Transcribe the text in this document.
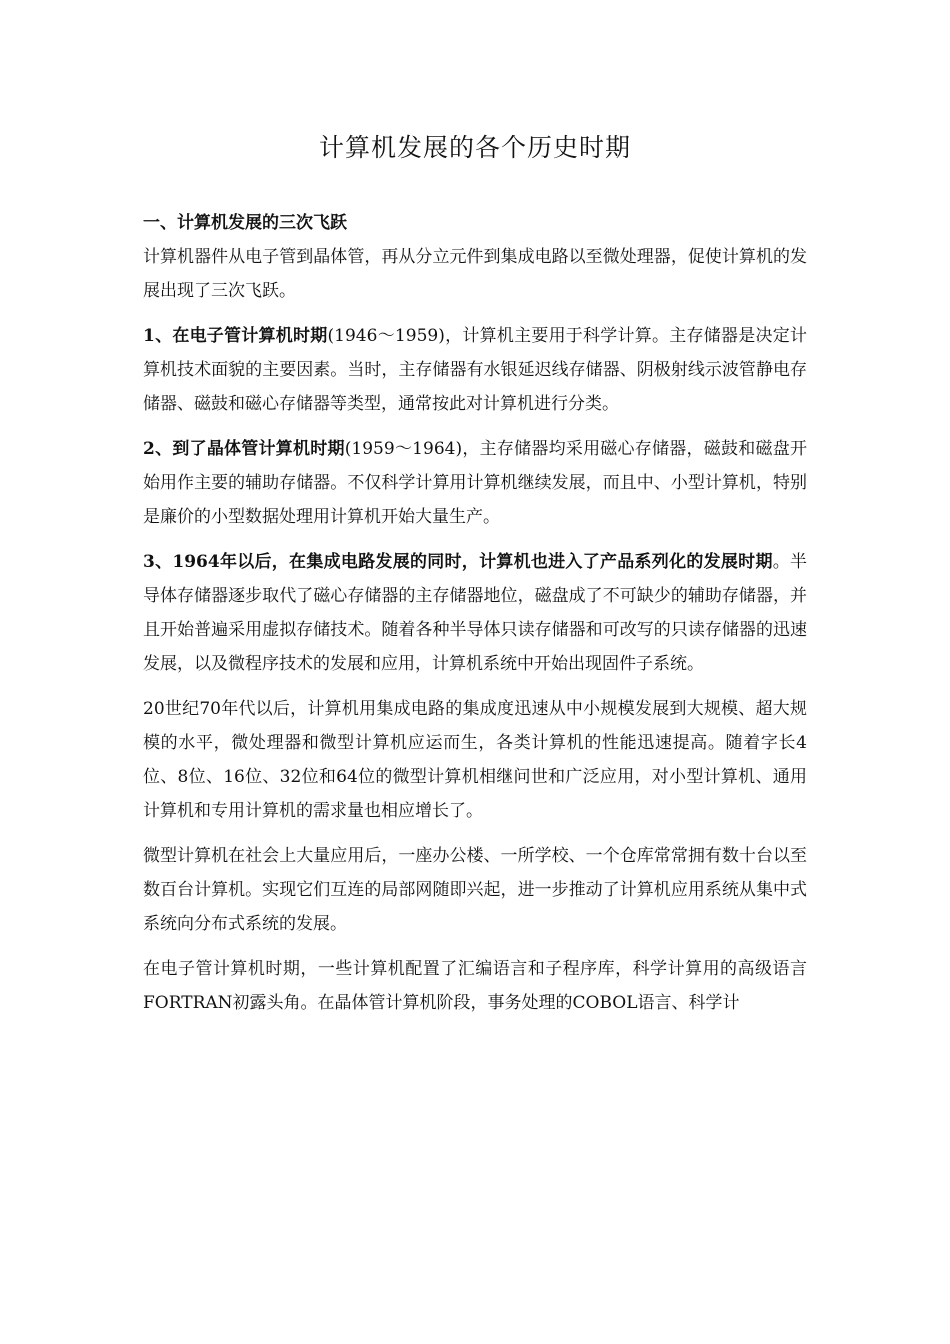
计算机发展的各个历史时期

一、计算机发展的三次飞跃

计算机器件从电子管到晶体管，再从分立元件到集成电路以至微处理器，促使计算机的发展出现了三次飞跃。

1、在电子管计算机时期(1946～1959)，计算机主要用于科学计算。主存储器是决定计算机技术面貌的主要因素。当时，主存储器有水银延迟线存储器、阴极射线示波管静电存储器、磁鼓和磁心存储器等类型，通常按此对计算机进行分类。

2、到了晶体管计算机时期(1959～1964)，主存储器均采用磁心存储器，磁鼓和磁盘开始用作主要的辅助存储器。不仅科学计算用计算机继续发展，而且中、小型计算机，特别是廉价的小型数据处理用计算机开始大量生产。

3、1964年以后，在集成电路发展的同时，计算机也进入了产品系列化的发展时期。半导体存储器逐步取代了磁心存储器的主存储器地位，磁盘成了不可缺少的辅助存储器，并且开始普遍采用虚拟存储技术。随着各种半导体只读存储器和可改写的只读存储器的迅速发展，以及微程序技术的发展和应用，计算机系统中开始出现固件子系统。

20世纪70年代以后，计算机用集成电路的集成度迅速从中小规模发展到大规模、超大规模的水平，微处理器和微型计算机应运而生，各类计算机的性能迅速提高。随着字长4位、8位、16位、32位和64位的微型计算机相继问世和广泛应用，对小型计算机、通用计算机和专用计算机的需求量也相应增长了。

微型计算机在社会上大量应用后，一座办公楼、一所学校、一个仓库常常拥有数十台以至数百台计算机。实现它们互连的局部网随即兴起，进一步推动了计算机应用系统从集中式系统向分布式系统的发展。

在电子管计算机时期，一些计算机配置了汇编语言和子程序库，科学计算用的高级语言FORTRAN初露头角。在晶体管计算机阶段，事务处理的COBOL语言、科学计
